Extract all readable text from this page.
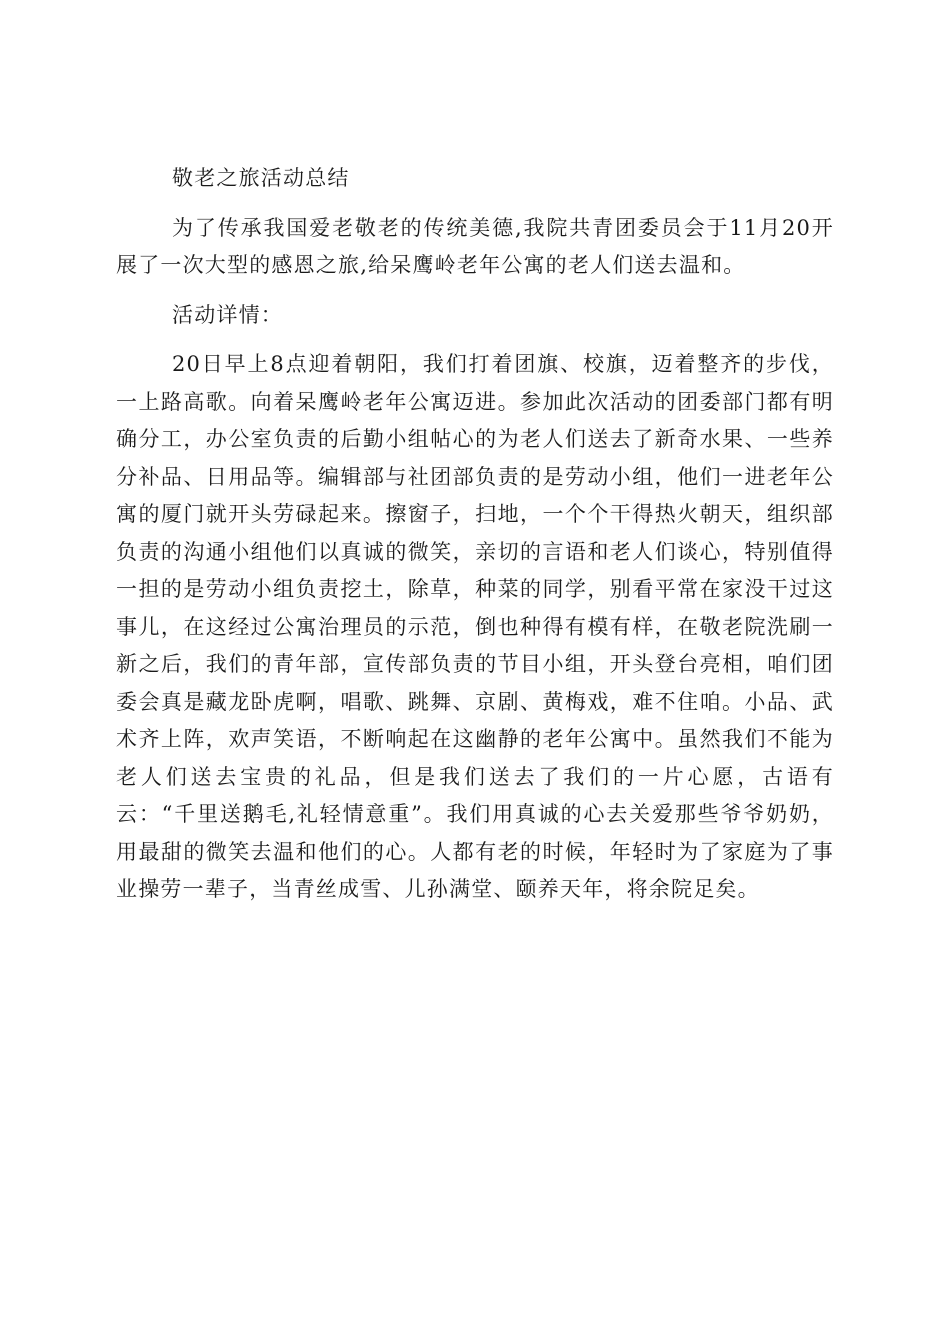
敬老之旅活动总结

为了传承我国爱老敬老的传统美德,我院共青团委员会于11月20开展了一次大型的感恩之旅,给呆鹰岭老年公寓的老人们送去温和。

活动详情：

20日早上8点迎着朝阳，我们打着团旗、校旗，迈着整齐的步伐，一上路高歌。向着呆鹰岭老年公寓迈进。参加此次活动的团委部门都有明确分工，办公室负责的后勤小组帖心的为老人们送去了新奇水果、一些养分补品、日用品等。编辑部与社团部负责的是劳动小组，他们一进老年公寓的厦门就开头劳碌起来。擦窗子，扫地，一个个干得热火朝天，组织部负责的沟通小组他们以真诚的微笑，亲切的言语和老人们谈心，特别值得一担的是劳动小组负责挖土，除草，种菜的同学，别看平常在家没干过这事儿，在这经过公寓治理员的示范，倒也种得有模有样，在敬老院洗刷一新之后，我们的青年部，宣传部负责的节目小组，开头登台亮相，咱们团委会真是藏龙卧虎啊，唱歌、跳舞、京剧、黄梅戏，难不住咱。小品、武术齐上阵，欢声笑语，不断响起在这幽静的老年公寓中。虽然我们不能为老人们送去宝贵的礼品，但是我们送去了我们的一片心愿，古语有云：“千里送鹅毛,礼轻情意重”。我们用真诚的心去关爱那些爷爷奶奶，用最甜的微笑去温和他们的心。人都有老的时候，年轻时为了家庭为了事业操劳一辈子，当青丝成雪、儿孙满堂、颐养天年，将余院足矣。
